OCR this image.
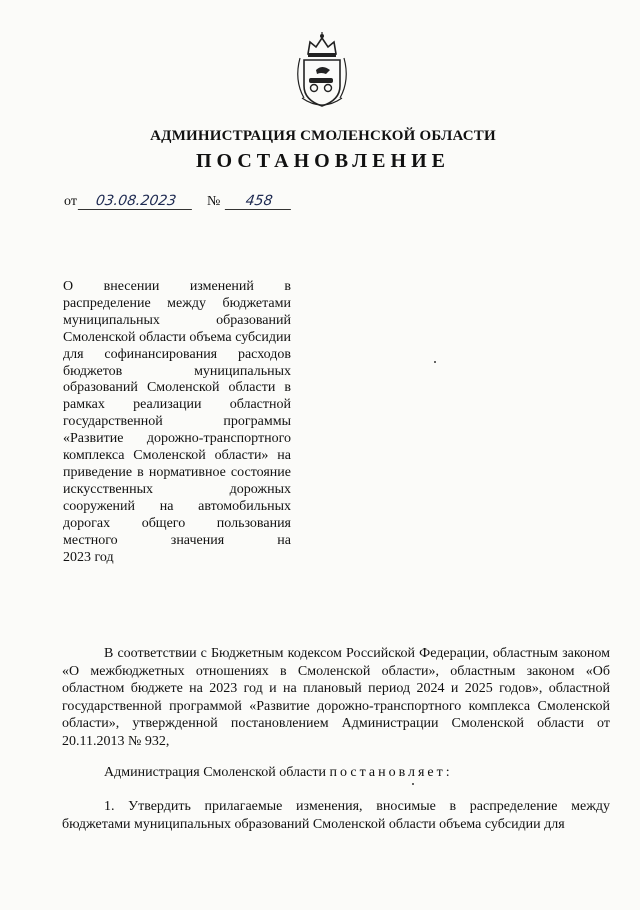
АДМИНИСТРАЦИЯ СМОЛЕНСКОЙ ОБЛАСТИ
ПОСТАНОВЛЕНИЕ
от	03.08.2023	№	458
О внесении изменений в распределение между бюджетами муниципальных образований Смоленской области объема субсидии для софинансирования расходов бюджетов муниципальных образований Смоленской области в рамках реализации областной государственной программы «Развитие дорожно-транспортного комплекса Смоленской области» на приведение в нормативное состояние искусственных дорожных сооружений на автомобильных дорогах общего пользования местного значения на
2023 год
В соответствии с Бюджетным кодексом Российской Федерации, областным законом «О межбюджетных отношениях в Смоленской области», областным законом «Об областном бюджете на 2023 год и на плановый период 2024 и 2025 годов», областной государственной программой «Развитие дорожно-транспортного комплекса Смоленской области», утвержденной постановлением Администрации Смоленской области от 20.11.2013 № 932,
Администрация Смоленской области постановляет:
1. Утвердить прилагаемые изменения, вносимые в распределение между бюджетами муниципальных образований Смоленской области объема субсидии для
